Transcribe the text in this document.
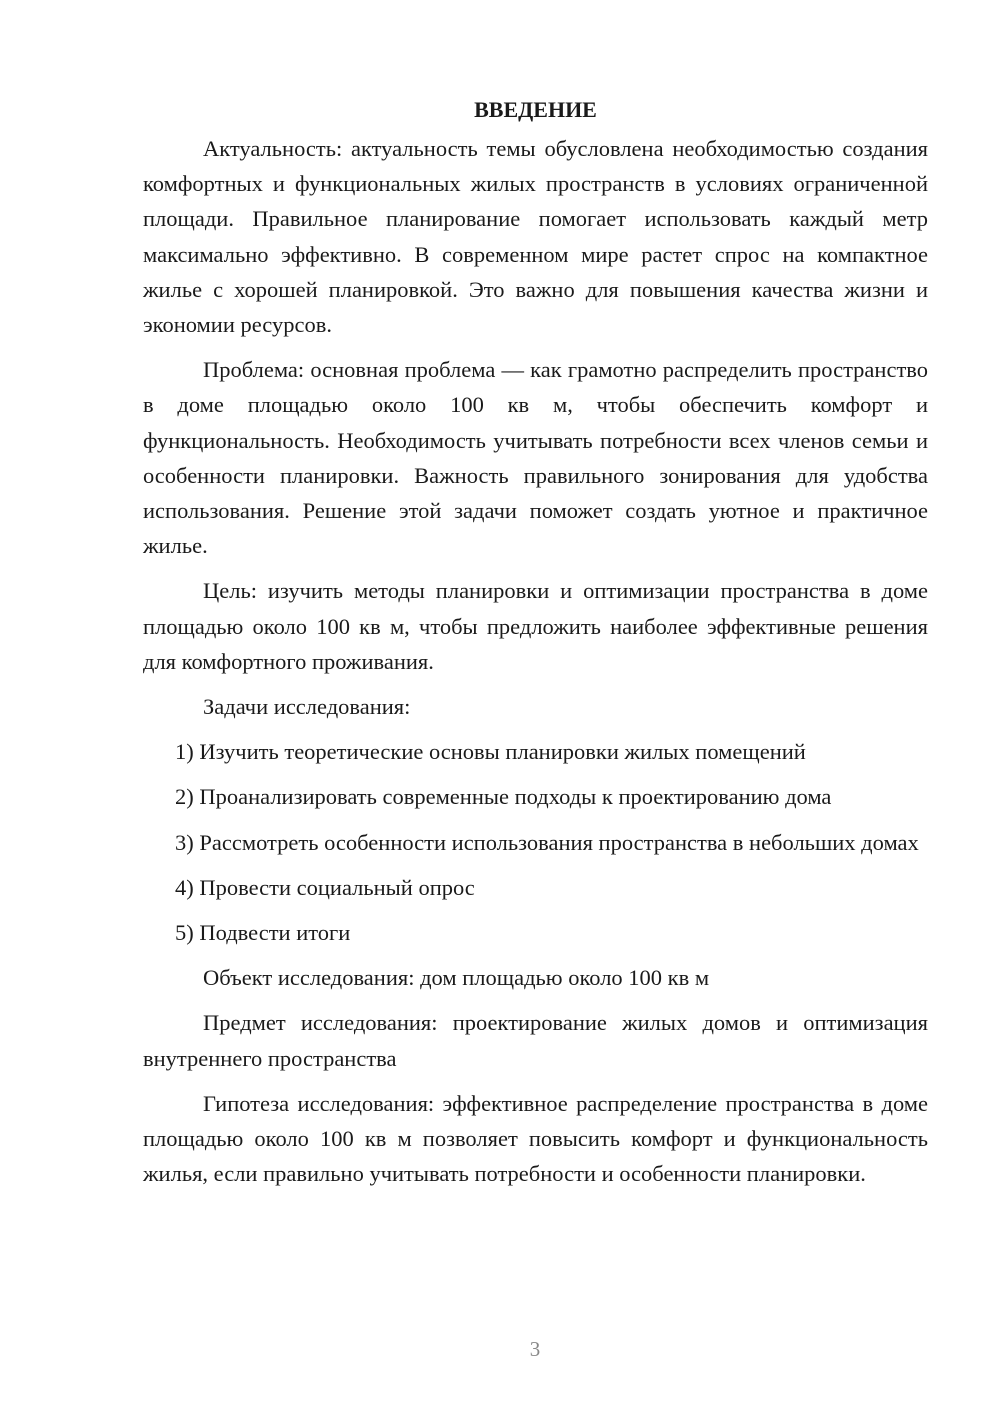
ВВЕДЕНИЕ

Актуальность: актуальность темы обусловлена необходимостью создания комфортных и функциональных жилых пространств в условиях ограниченной площади. Правильное планирование помогает использовать каждый метр максимально эффективно. В современном мире растет спрос на компактное жилье с хорошей планировкой. Это важно для повышения качества жизни и экономии ресурсов.

Проблема: основная проблема — как грамотно распределить пространство в доме площадью около 100 кв м, чтобы обеспечить комфорт и функциональность. Необходимость учитывать потребности всех членов семьи и особенности планировки. Важность правильного зонирования для удобства использования. Решение этой задачи поможет создать уютное и практичное жилье.

Цель: изучить методы планировки и оптимизации пространства в доме площадью около 100 кв м, чтобы предложить наиболее эффективные решения для комфортного проживания.

Задачи исследования:

1) Изучить теоретические основы планировки жилых помещений

2) Проанализировать современные подходы к проектированию дома

3) Рассмотреть особенности использования пространства в небольших домах

4) Провести социальный опрос

5) Подвести итоги

Объект исследования: дом площадью около 100 кв м

Предмет исследования: проектирование жилых домов и оптимизация внутреннего пространства

Гипотеза исследования: эффективное распределение пространства в доме площадью около 100 кв м позволяет повысить комфорт и функциональность жилья, если правильно учитывать потребности и особенности планировки.

3
